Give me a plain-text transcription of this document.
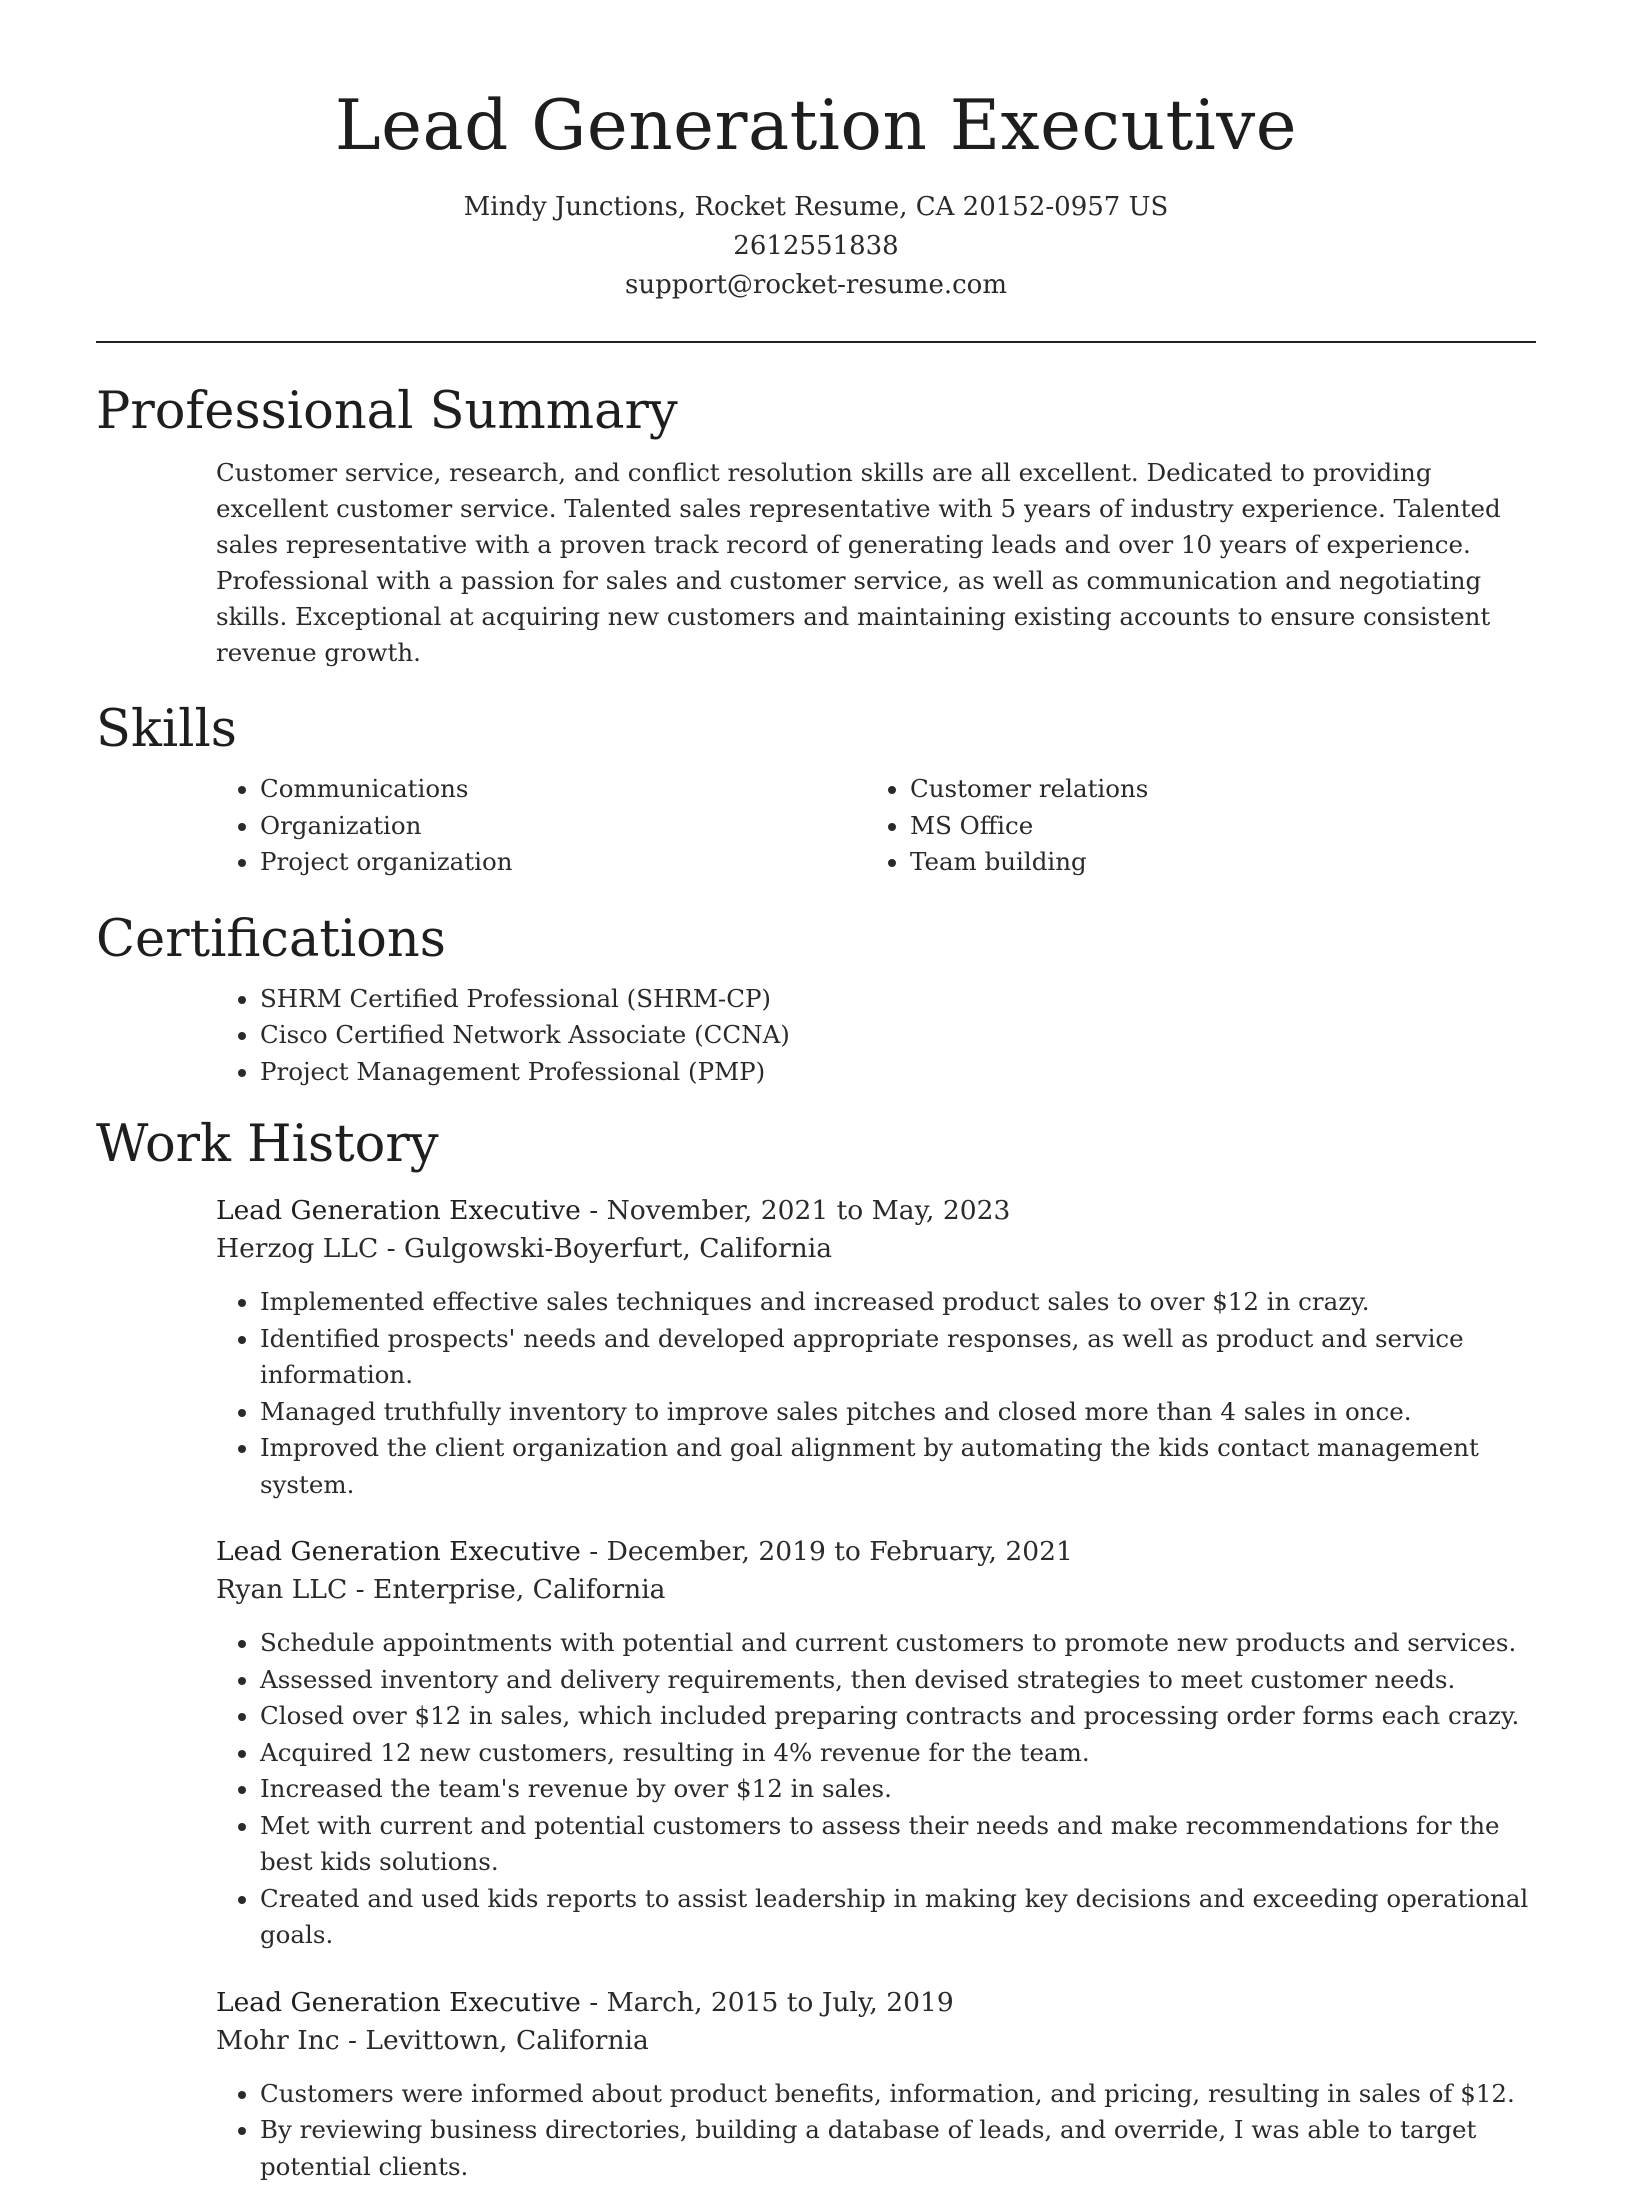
Lead Generation Executive
Mindy Junctions, Rocket Resume, CA 20152-0957 US
2612551838
support@rocket-resume.com
Professional Summary

Customer service, research, and conflict resolution skills are all excellent. Dedicated to providing excellent customer service. Talented sales representative with 5 years of industry experience. Talented sales representative with a proven track record of generating leads and over 10 years of experience. Professional with a passion for sales and customer service, as well as communication and negotiating skills. Exceptional at acquiring new customers and maintaining existing accounts to ensure consistent revenue growth.

Skills
• Communications
• Organization
• Project organization
• Customer relations
• MS Office
• Team building
Certifications
• SHRM Certified Professional (SHRM-CP)
• Cisco Certified Network Associate (CCNA)
• Project Management Professional (PMP)
Work History
Lead Generation Executive - November, 2021 to May, 2023
Herzog LLC - Gulgowski-Boyerfurt, California
• Implemented effective sales techniques and increased product sales to over $12 in crazy.
• Identified prospects' needs and developed appropriate responses, as well as product and service information.
• Managed truthfully inventory to improve sales pitches and closed more than 4 sales in once.
• Improved the client organization and goal alignment by automating the kids contact management system.
Lead Generation Executive - December, 2019 to February, 2021
Ryan LLC - Enterprise, California
• Schedule appointments with potential and current customers to promote new products and services.
• Assessed inventory and delivery requirements, then devised strategies to meet customer needs.
• Closed over $12 in sales, which included preparing contracts and processing order forms each crazy.
• Acquired 12 new customers, resulting in 4% revenue for the team.
• Increased the team's revenue by over $12 in sales.
• Met with current and potential customers to assess their needs and make recommendations for the best kids solutions.
• Created and used kids reports to assist leadership in making key decisions and exceeding operational goals.
Lead Generation Executive - March, 2015 to July, 2019
Mohr Inc - Levittown, California
• Customers were informed about product benefits, information, and pricing, resulting in sales of $12.
• By reviewing business directories, building a database of leads, and override, I was able to target potential clients.
